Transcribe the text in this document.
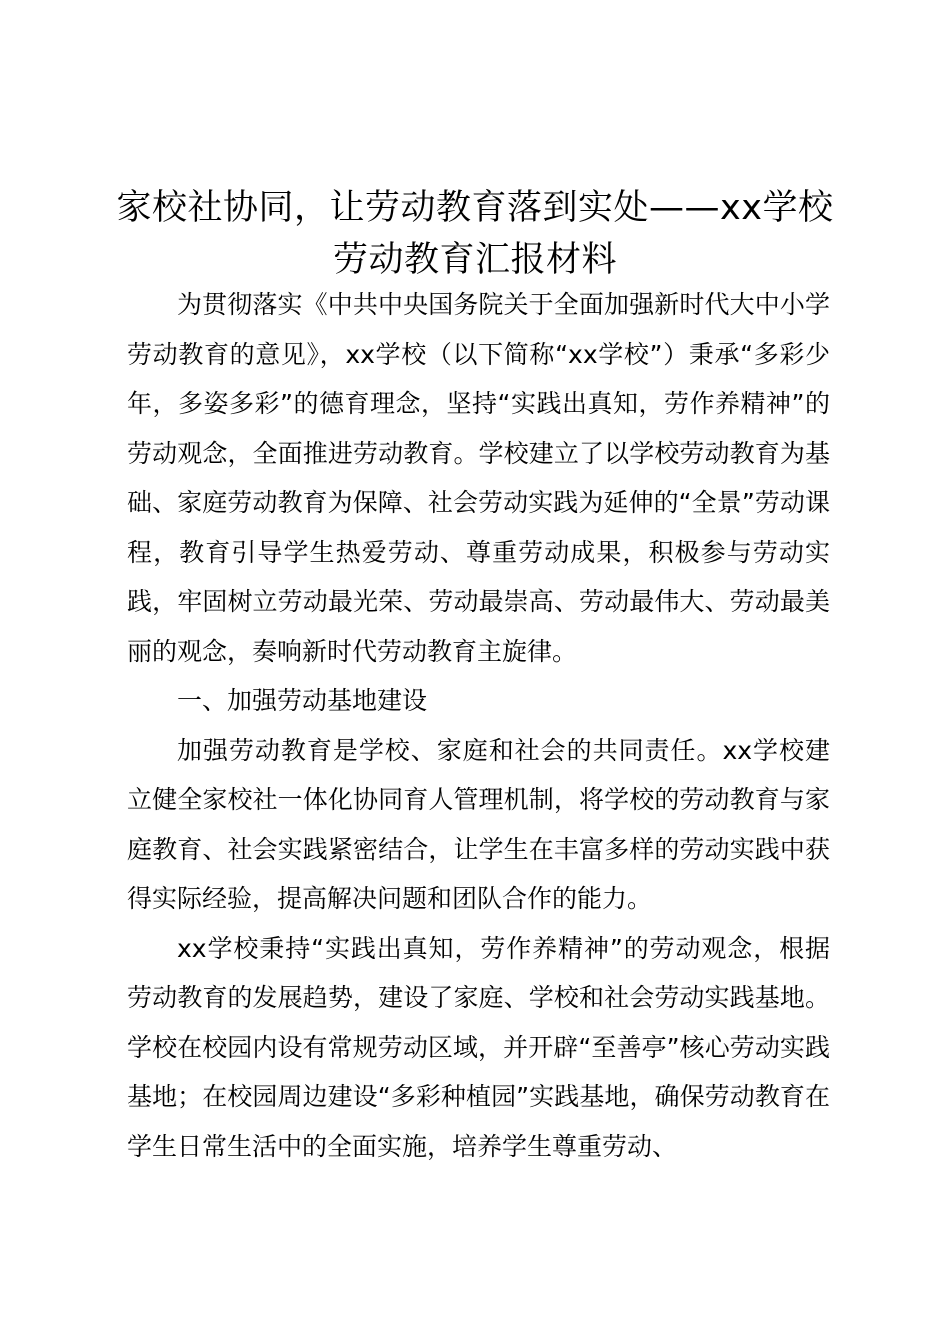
家校社协同，让劳动教育落到实处——xx学校劳动教育汇报材料

为贯彻落实《中共中央国务院关于全面加强新时代大中小学劳动教育的意见》，xx学校（以下简称“xx学校”）秉承“多彩少年，多姿多彩”的德育理念，坚持“实践出真知，劳作养精神”的劳动观念，全面推进劳动教育。学校建立了以学校劳动教育为基础、家庭劳动教育为保障、社会劳动实践为延伸的“全景”劳动课程，教育引导学生热爱劳动、尊重劳动成果，积极参与劳动实践，牢固树立劳动最光荣、劳动最崇高、劳动最伟大、劳动最美丽的观念，奏响新时代劳动教育主旋律。

一、加强劳动基地建设

加强劳动教育是学校、家庭和社会的共同责任。xx学校建立健全家校社一体化协同育人管理机制，将学校的劳动教育与家庭教育、社会实践紧密结合，让学生在丰富多样的劳动实践中获得实际经验，提高解决问题和团队合作的能力。

xx学校秉持“实践出真知，劳作养精神”的劳动观念，根据劳动教育的发展趋势，建设了家庭、学校和社会劳动实践基地。学校在校园内设有常规劳动区域，并开辟“至善亭”核心劳动实践基地；在校园周边建设“多彩种植园”实践基地，确保劳动教育在学生日常生活中的全面实施，培养学生尊重劳动、
